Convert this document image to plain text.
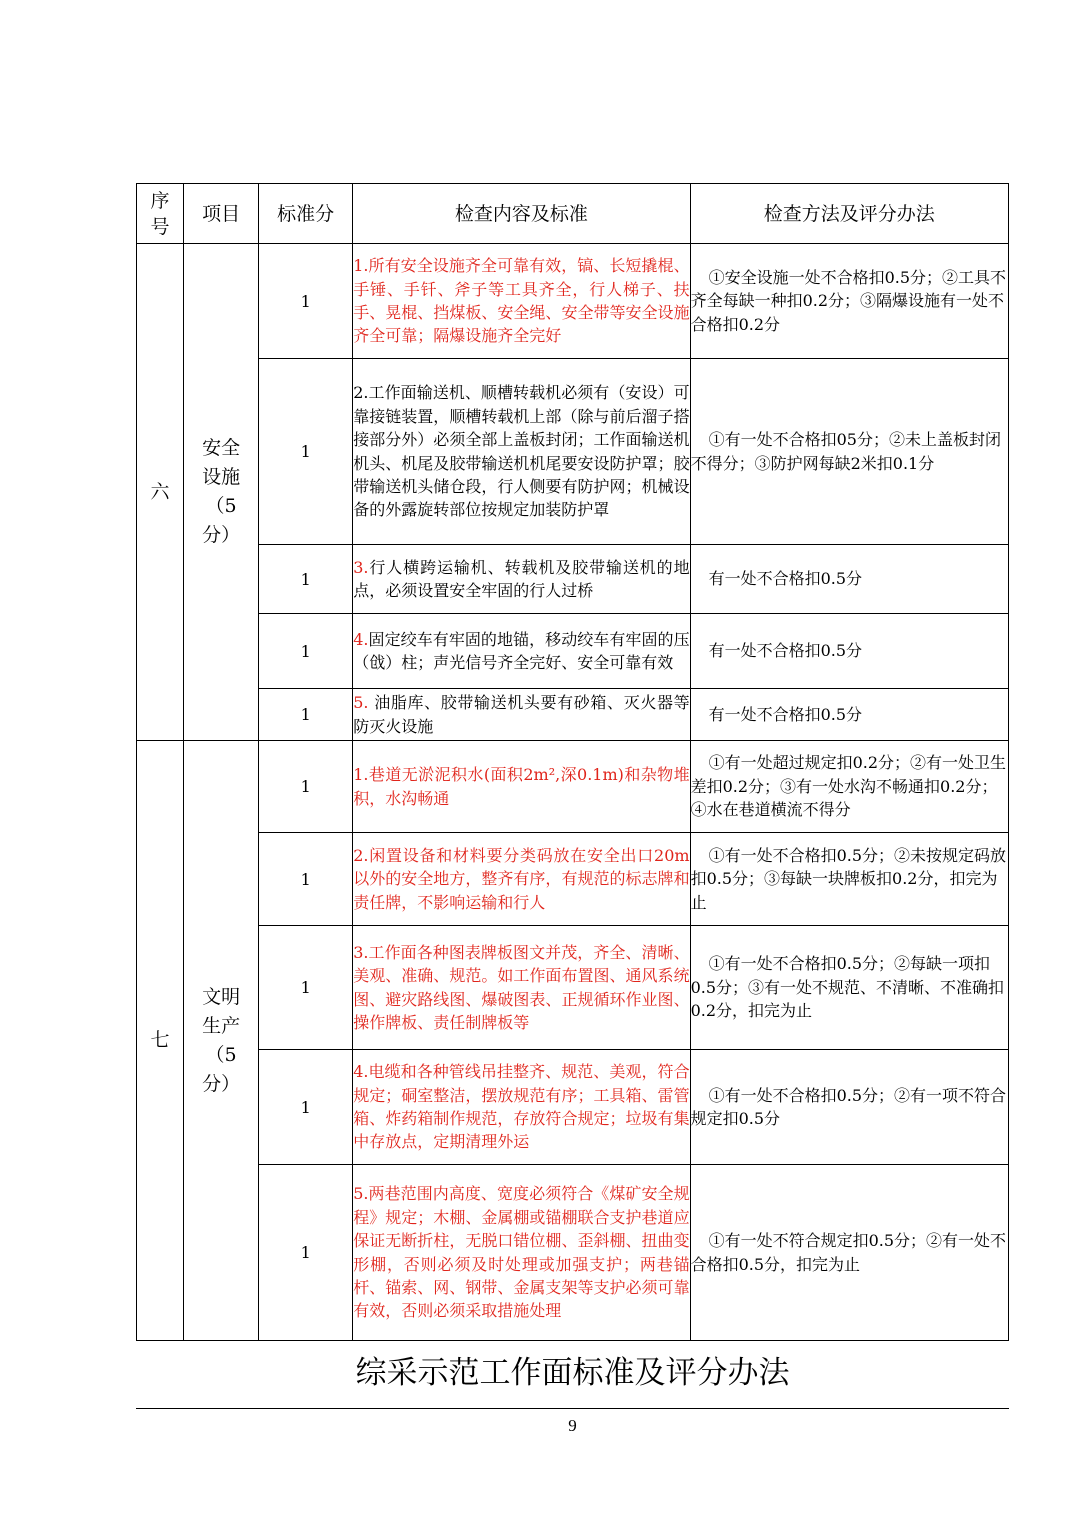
序号	项目	标准分	检查内容及标准	检查方法及评分办法
六	安全设施（5分）	1	1.所有安全设施齐全可靠有效，镐、长短撬棍、手锤、手钎、斧子等工具齐全，行人梯子、扶手、晃棍、挡煤板、安全绳、安全带等安全设施齐全可靠；隔爆设施齐全完好	①安全设施一处不合格扣0.5分；②工具不齐全每缺一种扣0.2分；③隔爆设施有一处不合格扣0.2分
		1	2.工作面输送机、顺槽转载机必须有（安设）可靠接链装置，顺槽转载机上部（除与前后溜子搭接部分外）必须全部上盖板封闭；工作面输送机机头、机尾及胶带输送机机尾要安设防护罩；胶带输送机头储仓段，行人侧要有防护网；机械设备的外露旋转部位按规定加装防护罩	①有一处不合格扣05分；②未上盖板封闭不得分；③防护网每缺2米扣0.1分
		1	3.行人横跨运输机、转载机及胶带输送机的地点，必须设置安全牢固的行人过桥	有一处不合格扣0.5分
		1	4.固定绞车有牢固的地锚，移动绞车有牢固的压（戗）柱；声光信号齐全完好、安全可靠有效	有一处不合格扣0.5分
		1	5. 油脂库、胶带输送机头要有砂箱、灭火器等防灭火设施	有一处不合格扣0.5分
七	文明生产（5分）	1	1.巷道无淤泥积水(面积2m²,深0.1m)和杂物堆积，水沟畅通	①有一处超过规定扣0.2分；②有一处卫生差扣0.2分；③有一处水沟不畅通扣0.2分；④水在巷道横流不得分
		1	2.闲置设备和材料要分类码放在安全出口20m以外的安全地方，整齐有序，有规范的标志牌和责任牌，不影响运输和行人	①有一处不合格扣0.5分；②未按规定码放扣0.5分；③每缺一块牌板扣0.2分，扣完为止
		1	3.工作面各种图表牌板图文并茂，齐全、清晰、美观、准确、规范。如工作面布置图、通风系统图、避灾路线图、爆破图表、正规循环作业图、操作牌板、责任制牌板等	①有一处不合格扣0.5分；②每缺一项扣0.5分；③有一处不规范、不清晰、不准确扣0.2分，扣完为止
		1	4.电缆和各种管线吊挂整齐、规范、美观，符合规定；硐室整洁，摆放规范有序；工具箱、雷管箱、炸药箱制作规范，存放符合规定；垃圾有集中存放点，定期清理外运	①有一处不合格扣0.5分；②有一项不符合规定扣0.5分
		1	5.两巷范围内高度、宽度必须符合《煤矿安全规程》规定；木棚、金属棚或锚棚联合支护巷道应保证无断折柱，无脱口错位棚、歪斜棚、扭曲变形棚，否则必须及时处理或加强支护；两巷锚杆、锚索、网、钢带、金属支架等支护必须可靠有效，否则必须采取措施处理	①有一处不符合规定扣0.5分；②有一处不合格扣0.5分，扣完为止
综采示范工作面标准及评分办法
9
